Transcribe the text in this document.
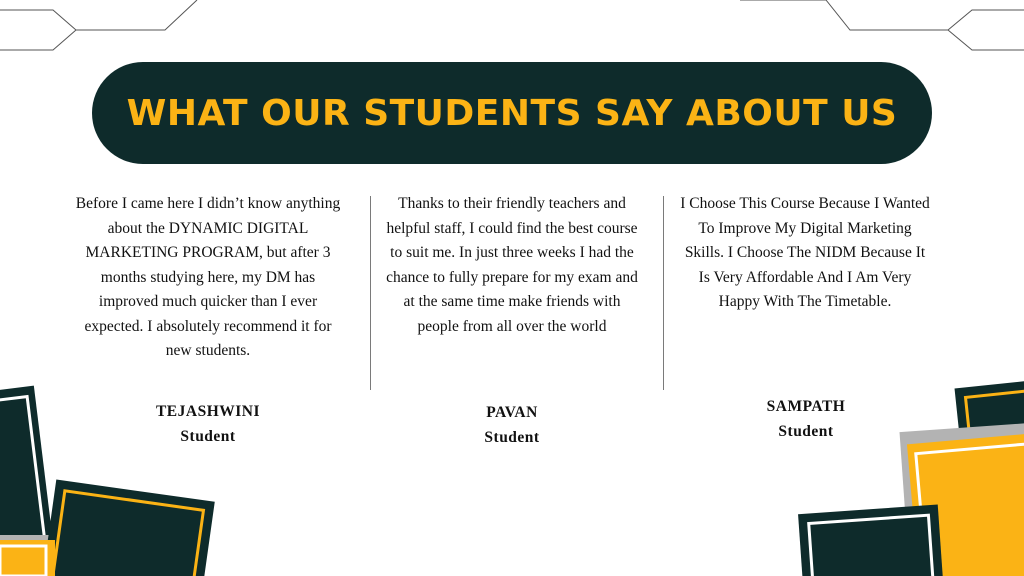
WHAT OUR STUDENTS SAY ABOUT US

Before I came here I didn’t know anything about the DYNAMIC DIGITAL MARKETING PROGRAM, but after 3 months studying here, my DM has improved much quicker than I ever expected. I absolutely recommend it for new students.

TEJASHWINI
Student

Thanks to their friendly teachers and helpful staff, I could find the best course to suit me. In just three weeks I had the chance to fully prepare for my exam and at the same time make friends with people from all over the world

PAVAN
Student

I Choose This Course Because I Wanted To Improve My Digital Marketing Skills. I Choose The NIDM Because It Is Very Affordable And I Am Very Happy With The Timetable.

SAMPATH
Student
